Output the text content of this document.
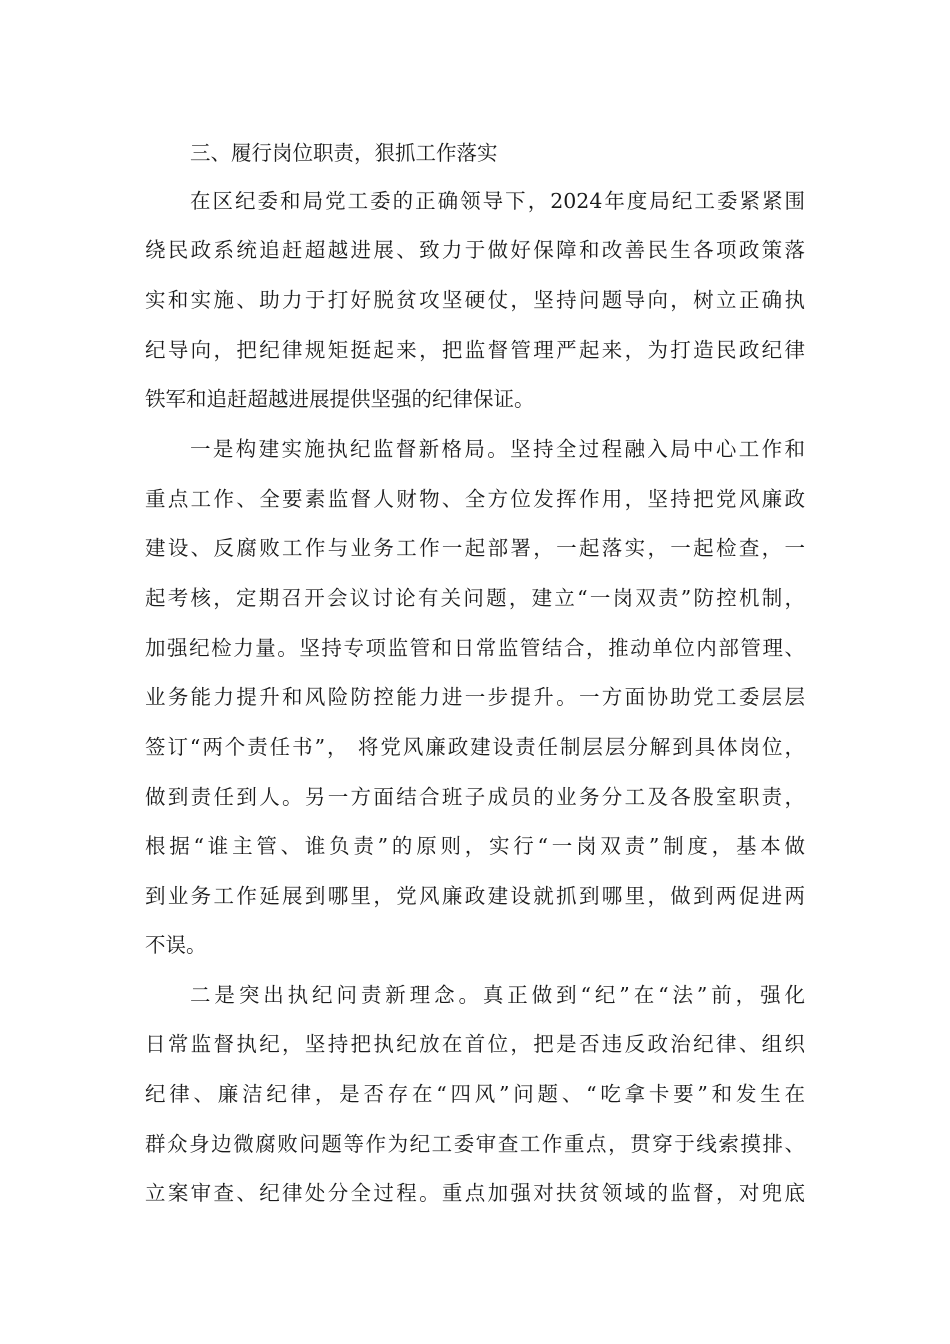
三、履行岗位职责，狠抓工作落实
在区纪委和局党工委的正确领导下，2024年度局纪工委紧紧围
绕民政系统追赶超越进展、致力于做好保障和改善民生各项政策落
实和实施、助力于打好脱贫攻坚硬仗，坚持问题导向，树立正确执
纪导向，把纪律规矩挺起来，把监督管理严起来，为打造民政纪律
铁军和追赶超越进展提供坚强的纪律保证。
一是构建实施执纪监督新格局。坚持全过程融入局中心工作和
重点工作、全要素监督人财物、全方位发挥作用，坚持把党风廉政
建设、反腐败工作与业务工作一起部署，一起落实，一起检查，一
起考核，定期召开会议讨论有关问题，建立“一岗双责”防控机制，
加强纪检力量。坚持专项监管和日常监管结合，推动单位内部管理、
业务能力提升和风险防控能力进一步提升。一方面协助党工委层层
签订“两个责任书”， 将党风廉政建设责任制层层分解到具体岗位，
做到责任到人。另一方面结合班子成员的业务分工及各股室职责，
根据“谁主管、谁负责”的原则，实行“一岗双责”制度，基本做
到业务工作延展到哪里，党风廉政建设就抓到哪里，做到两促进两
不误。
二是突出执纪问责新理念。真正做到“纪”在“法”前，强化
日常监督执纪，坚持把执纪放在首位，把是否违反政治纪律、组织
纪律、廉洁纪律，是否存在“四风”问题、“吃拿卡要”和发生在
群众身边微腐败问题等作为纪工委审查工作重点，贯穿于线索摸排、
立案审查、纪律处分全过程。重点加强对扶贫领域的监督，对兜底
